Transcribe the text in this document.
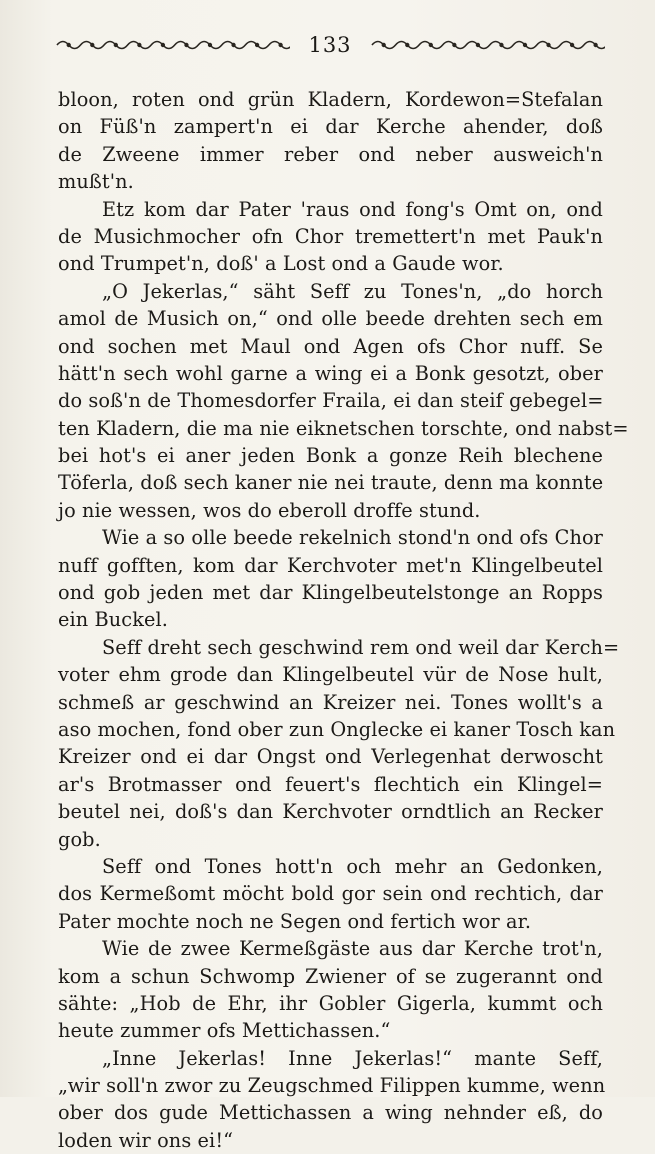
133
bloon, roten ond grün Kladern, Kordewon=Stefalan
on Füß'n zampert'n ei dar Kerche ahender, doß
de Zweene immer reber ond neber ausweich'n
mußt'n.
Etz kom dar Pater 'raus ond fong's Omt on, ond
de Musichmocher ofn Chor tremettert'n met Pauk'n
ond Trumpet'n, doß' a Lost ond a Gaude wor.
„O Jekerlas,“ säht Seff zu Tones'n, „do horch
amol de Musich on,“ ond olle beede drehten sech em
ond sochen met Maul ond Agen ofs Chor nuff. Se
hätt'n sech wohl garne a wing ei a Bonk gesotzt, ober
do soß'n de Thomesdorfer Fraila, ei dan steif gebegel=
ten Kladern, die ma nie eiknetschen torschte, ond nabst=
bei hot's ei aner jeden Bonk a gonze Reih blechene
Töferla, doß sech kaner nie nei traute, denn ma konnte
jo nie wessen, wos do eberoll droffe stund.
Wie a so olle beede rekelnich stond'n ond ofs Chor
nuff gofften, kom dar Kerchvoter met'n Klingelbeutel
ond gob jeden met dar Klingelbeutelstonge an Ropps
ein Buckel.
Seff dreht sech geschwind rem ond weil dar Kerch=
voter ehm grode dan Klingelbeutel vür de Nose hult,
schmeß ar geschwind an Kreizer nei. Tones wollt's a
aso mochen, fond ober zun Onglecke ei kaner Tosch kan
Kreizer ond ei dar Ongst ond Verlegenhat derwoscht
ar's Brotmasser ond feuert's flechtich ein Klingel=
beutel nei, doß's dan Kerchvoter orndtlich an Recker
gob.
Seff ond Tones hott'n och mehr an Gedonken,
dos Kermeßomt möcht bold gor sein ond rechtich, dar
Pater mochte noch ne Segen ond fertich wor ar.
Wie de zwee Kermeßgäste aus dar Kerche trot'n,
kom a schun Schwomp Zwiener of se zugerannt ond
sähte: „Hob de Ehr, ihr Gobler Gigerla, kummt och
heute zummer ofs Mettichassen.“
„Inne Jekerlas! Inne Jekerlas!“ mante Seff,
„wir soll'n zwor zu Zeugschmed Filippen kumme, wenn
ober dos gude Mettichassen a wing nehnder eß, do
loden wir ons ei!“
